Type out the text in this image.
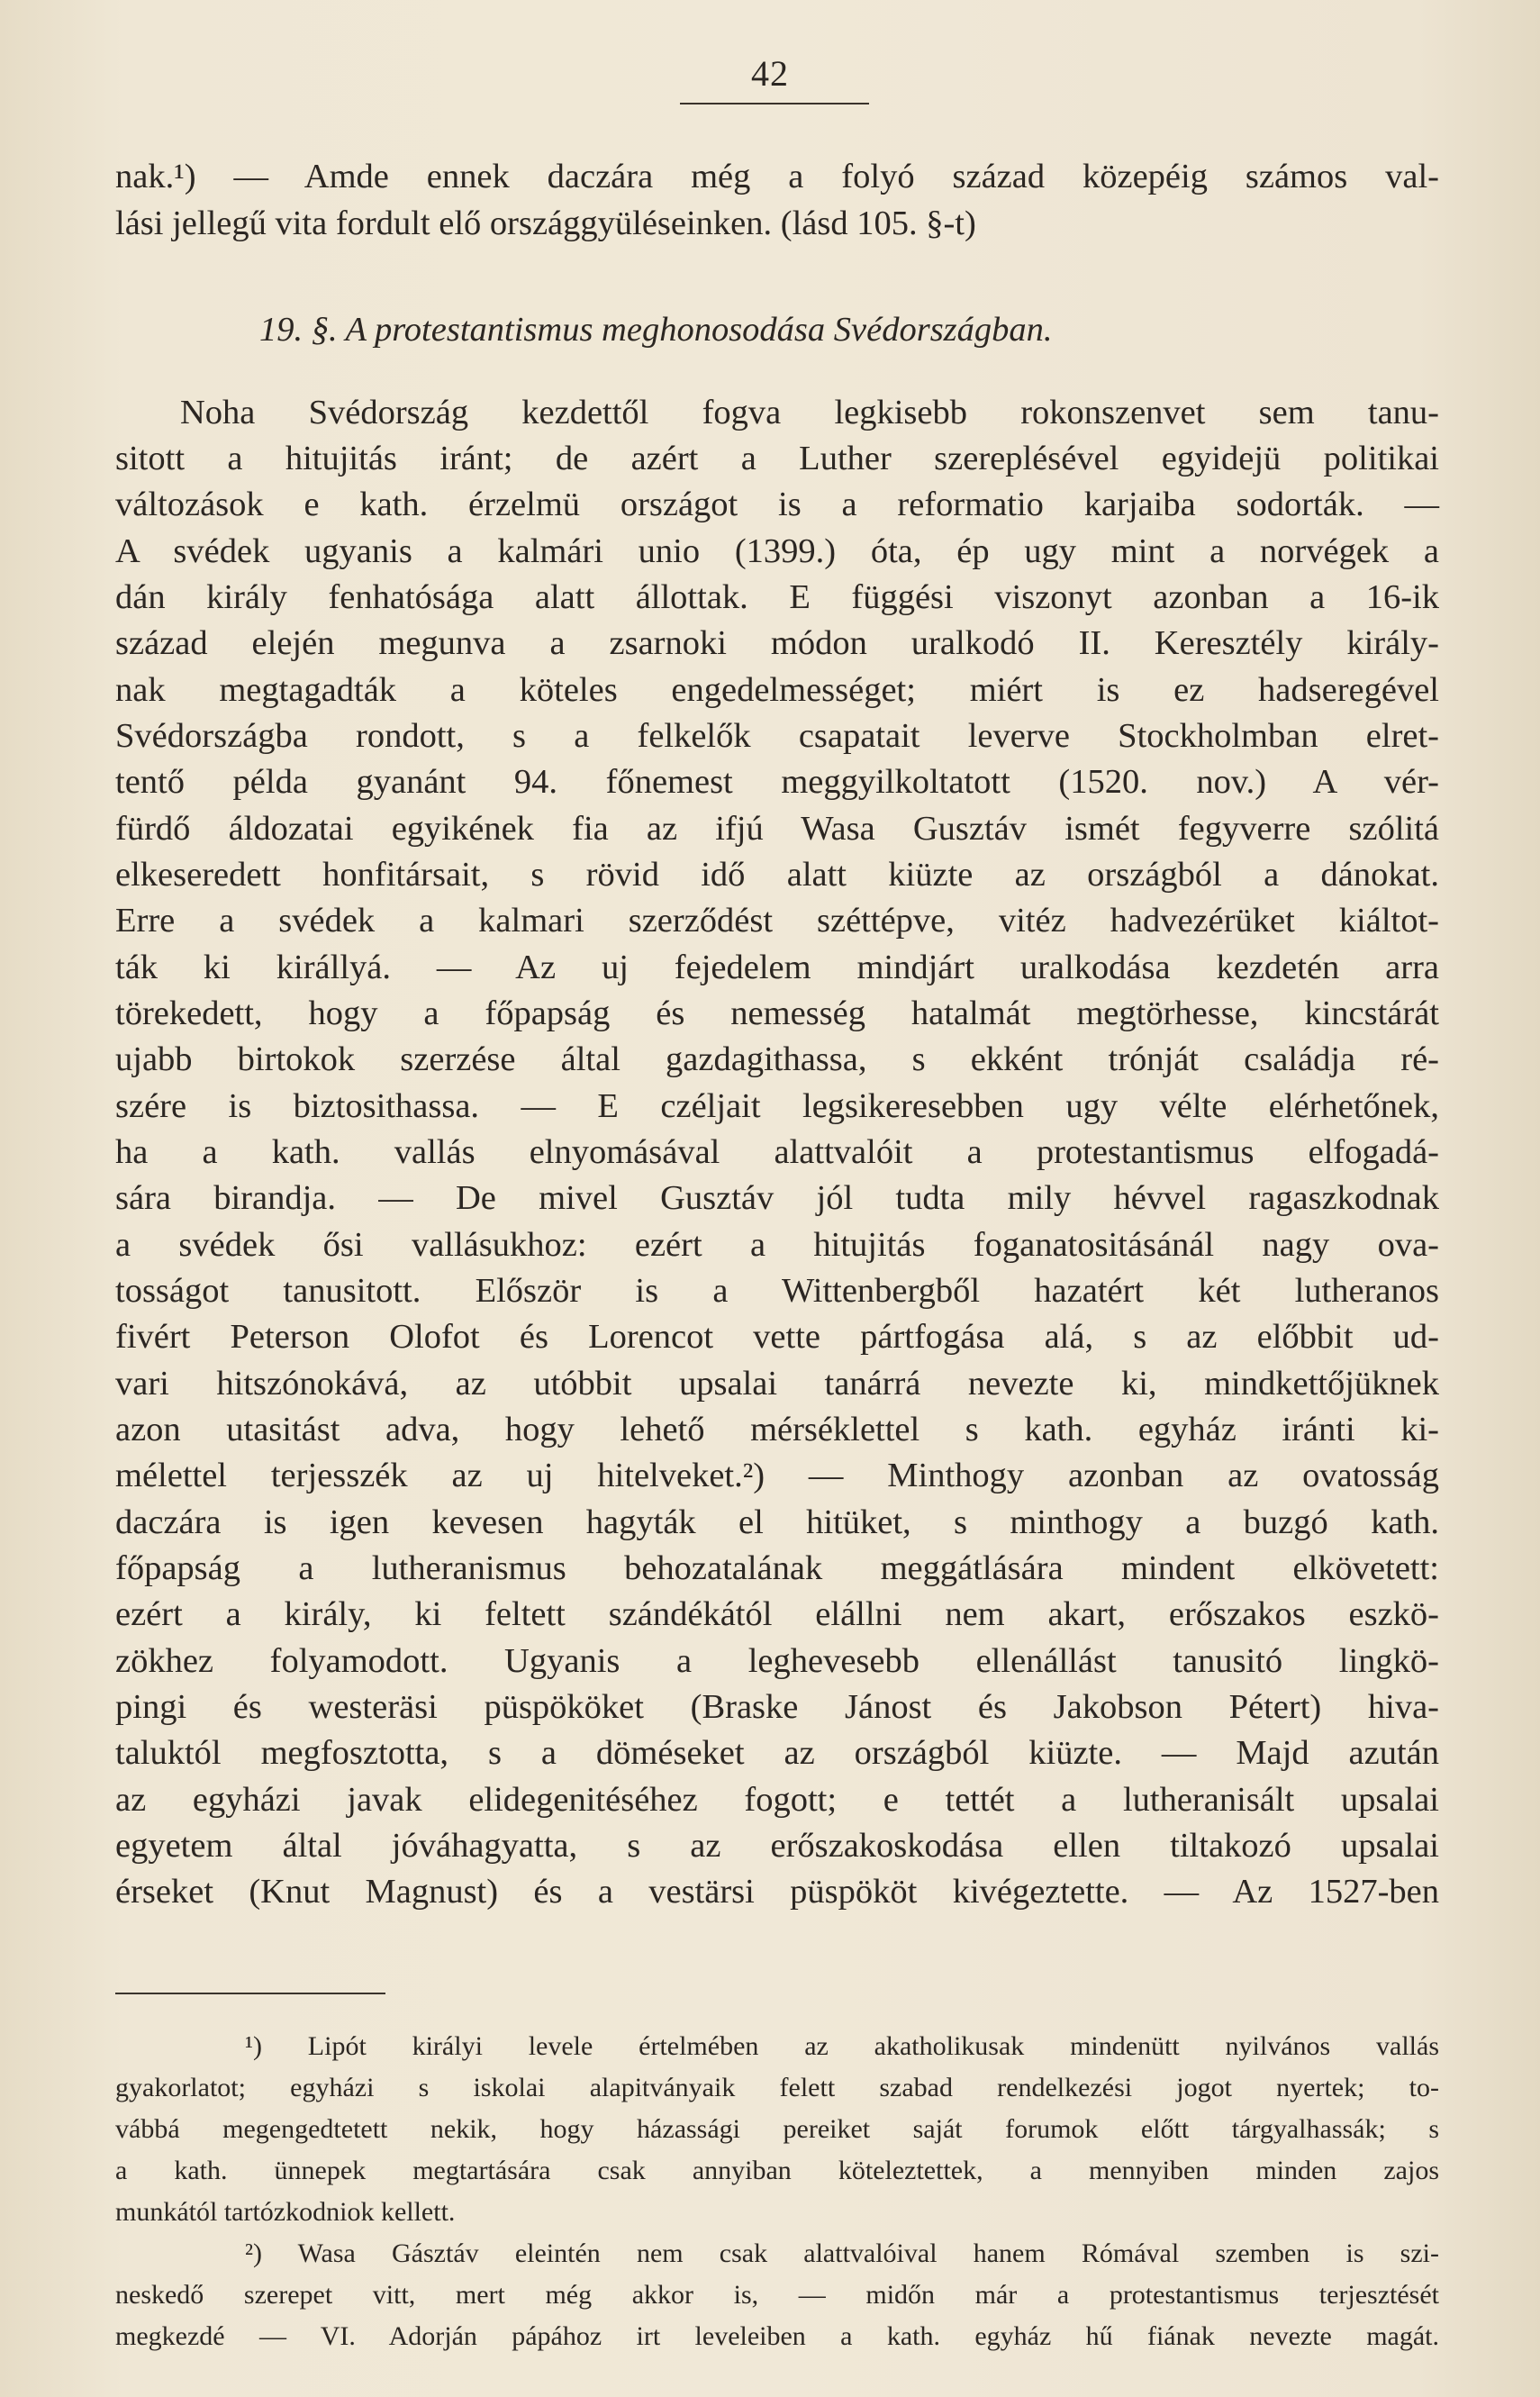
42
nak.¹) — Amde ennek daczára még a folyó század közepéig számos val-
lási jellegű vita fordult elő országgyüléseinken. (lásd 105. §-t)
19. §. A protestantismus meghonosodása Svédországban.
Noha Svédország kezdettől fogva legkisebb rokonszenvet sem tanu-
sitott a hitujitás iránt; de azért a Luther szereplésével egyidejü politikai
változások e kath. érzelmü országot is a reformatio karjaiba sodorták. —
A svédek ugyanis a kalmári unio (1399.) óta, ép ugy mint a norvégek a
dán király fenhatósága alatt állottak. E függési viszonyt azonban a 16-ik
század elején megunva a zsarnoki módon uralkodó II. Keresztély király-
nak megtagadták a köteles engedelmességet; miért is ez hadseregével
Svédországba rondott, s a felkelők csapatait leverve Stockholmban elret-
tentő példa gyanánt 94. főnemest meggyilkoltatott (1520. nov.) A vér-
fürdő áldozatai egyikének fia az ifjú Wasa Gusztáv ismét fegyverre szólitá
elkeseredett honfitársait, s rövid idő alatt kiüzte az országból a dánokat.
Erre a svédek a kalmari szerződést széttépve, vitéz hadvezérüket kiáltot-
ták ki királlyá. — Az uj fejedelem mindjárt uralkodása kezdetén arra
törekedett, hogy a főpapság és nemesség hatalmát megtörhesse, kincstárát
ujabb birtokok szerzése által gazdagithassa, s ekként trónját családja ré-
szére is biztosithassa. — E czéljait legsikeresebben ugy vélte elérhetőnek,
ha a kath. vallás elnyomásával alattvalóit a protestantismus elfogadá-
sára birandja. — De mivel Gusztáv jól tudta mily hévvel ragaszkodnak
a svédek ősi vallásukhoz: ezért a hitujitás foganatositásánál nagy ova-
tosságot tanusitott. Először is a Wittenbergből hazatért két lutheranos
fivért Peterson Olofot és Lorencot vette pártfogása alá, s az előbbit ud-
vari hitszónokává, az utóbbit upsalai tanárrá nevezte ki, mindkettőjüknek
azon utasitást adva, hogy lehető mérséklettel s kath. egyház iránti ki-
mélettel terjesszék az uj hitelveket.²) — Minthogy azonban az ovatosság
daczára is igen kevesen hagyták el hitüket, s minthogy a buzgó kath.
főpapság a lutheranismus behozatalának meggátlására mindent elkövetett:
ezért a király, ki feltett szándékától elállni nem akart, erőszakos eszkö-
zökhez folyamodott. Ugyanis a leghevesebb ellenállást tanusitó lingkö-
pingi és westeräsi püspököket (Braske Jánost és Jakobson Pétert) hiva-
taluktól megfosztotta, s a döméseket az országból kiüzte. — Majd azután
az egyházi javak elidegenitéséhez fogott; e tettét a lutheranisált upsalai
egyetem által jóváhagyatta, s az erőszakoskodása ellen tiltakozó upsalai
érseket (Knut Magnust) és a vestärsi püspököt kivégeztette. — Az 1527-ben
¹) Lipót királyi levele értelmében az akatholikusak mindenütt nyilvános vallás
gyakorlatot; egyházi s iskolai alapitványaik felett szabad rendelkezési jogot nyertek; to-
vábbá megengedtetett nekik, hogy házassági pereiket saját forumok előtt tárgyalhassák; s
a kath. ünnepek megtartására csak annyiban köteleztettek, a mennyiben minden zajos
munkától tartózkodniok kellett.
²) Wasa Gásztáv eleintén nem csak alattvalóival hanem Rómával szemben is szi-
neskedő szerepet vitt, mert még akkor is, — midőn már a protestantismus terjesztését
megkezdé — VI. Adorján pápához irt leveleiben a kath. egyház hű fiának nevezte magát.
